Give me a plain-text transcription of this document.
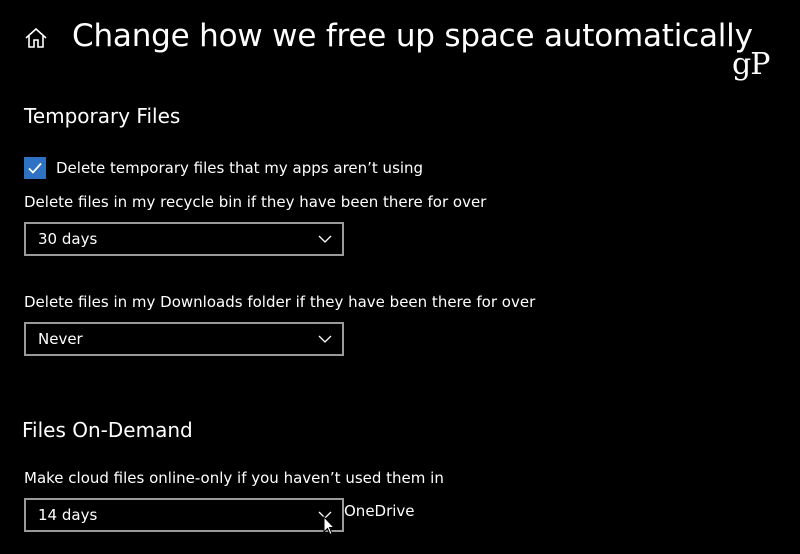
Change how we free up space automatically
gP
Temporary Files
Delete temporary files that my apps aren’t using
Delete files in my recycle bin if they have been there for over
30 days
Delete files in my Downloads folder if they have been there for over
Never
Files On-Demand
Make cloud files online-only if you haven’t used them in
14 days	OneDrive
